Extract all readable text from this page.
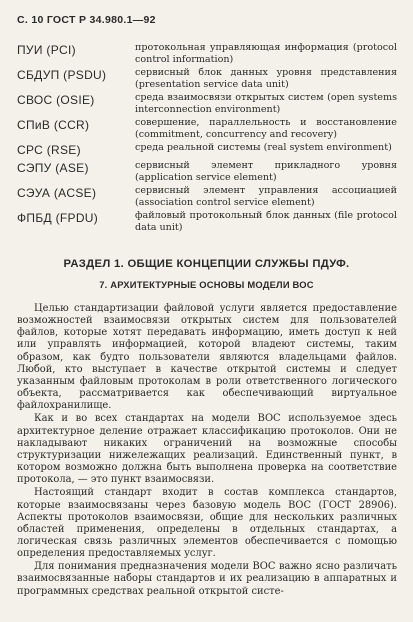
С. 10 ГОСТ Р 34.980.1—92
ПУИ (PCI)	протокольная управляющая информация (protocol control information)
СБДУП (PSDU)	сервисный блок данных уровня представления (presentation service data unit)
СВОС (OSIE)	среда взаимосвязи открытых систем (open systems interconnection environment)
СПиВ (CCR)	совершение, параллельность и восстановление (commitment, concurrency and recovery)
СРС (RSE)	среда реальной системы (real system environment)
СЭПУ (ASE)	сервисный элемент прикладного уровня (application service element)
СЭУА (ACSE)	сервисный элемент управления ассоциацией (association control service element)
ФПБД (FPDU)	файловый протокольный блок данных (file protocol data unit)
РАЗДЕЛ 1. ОБЩИЕ КОНЦЕПЦИИ СЛУЖБЫ ПДУФ.
7. АРХИТЕКТУРНЫЕ ОСНОВЫ МОДЕЛИ ВОС

Целью стандартизации файловой услуги является предоставление возможностей взаимосвязи открытых систем для пользователей файлов, которые хотят передавать информацию, иметь доступ к ней или управлять информацией, которой владеют системы, таким образом, как будто пользователи являются владельцами файлов. Любой, кто выступает в качестве открытой системы и следует указанным файловым протоколам в роли ответственного логического объекта, рассматривается как обеспечивающий виртуальное файлохранилище.

Как и во всех стандартах на модели ВОС используемое здесь архитектурное деление отражает классификацию протоколов. Они не накладывают никаких ограничений на возможные способы структуризации нижележащих реализаций. Единственный пункт, в котором возможно должна быть выполнена проверка на соответствие протокола, — это пункт взаимосвязи.

Настоящий стандарт входит в состав комплекса стандартов, которые взаимосвязаны через базовую модель ВОС (ГОСТ 28906). Аспекты протоколов взаимосвязи, общие для нескольких различных областей применения, определены в отдельных стандартах, а логическая связь различных элементов обеспечивается с помощью определения предоставляемых услуг.

Для понимания предназначения модели ВОС важно ясно различать взаимосвязанные наборы стандартов и их реализацию в аппаратных и программных средствах реальной открытой систе-
